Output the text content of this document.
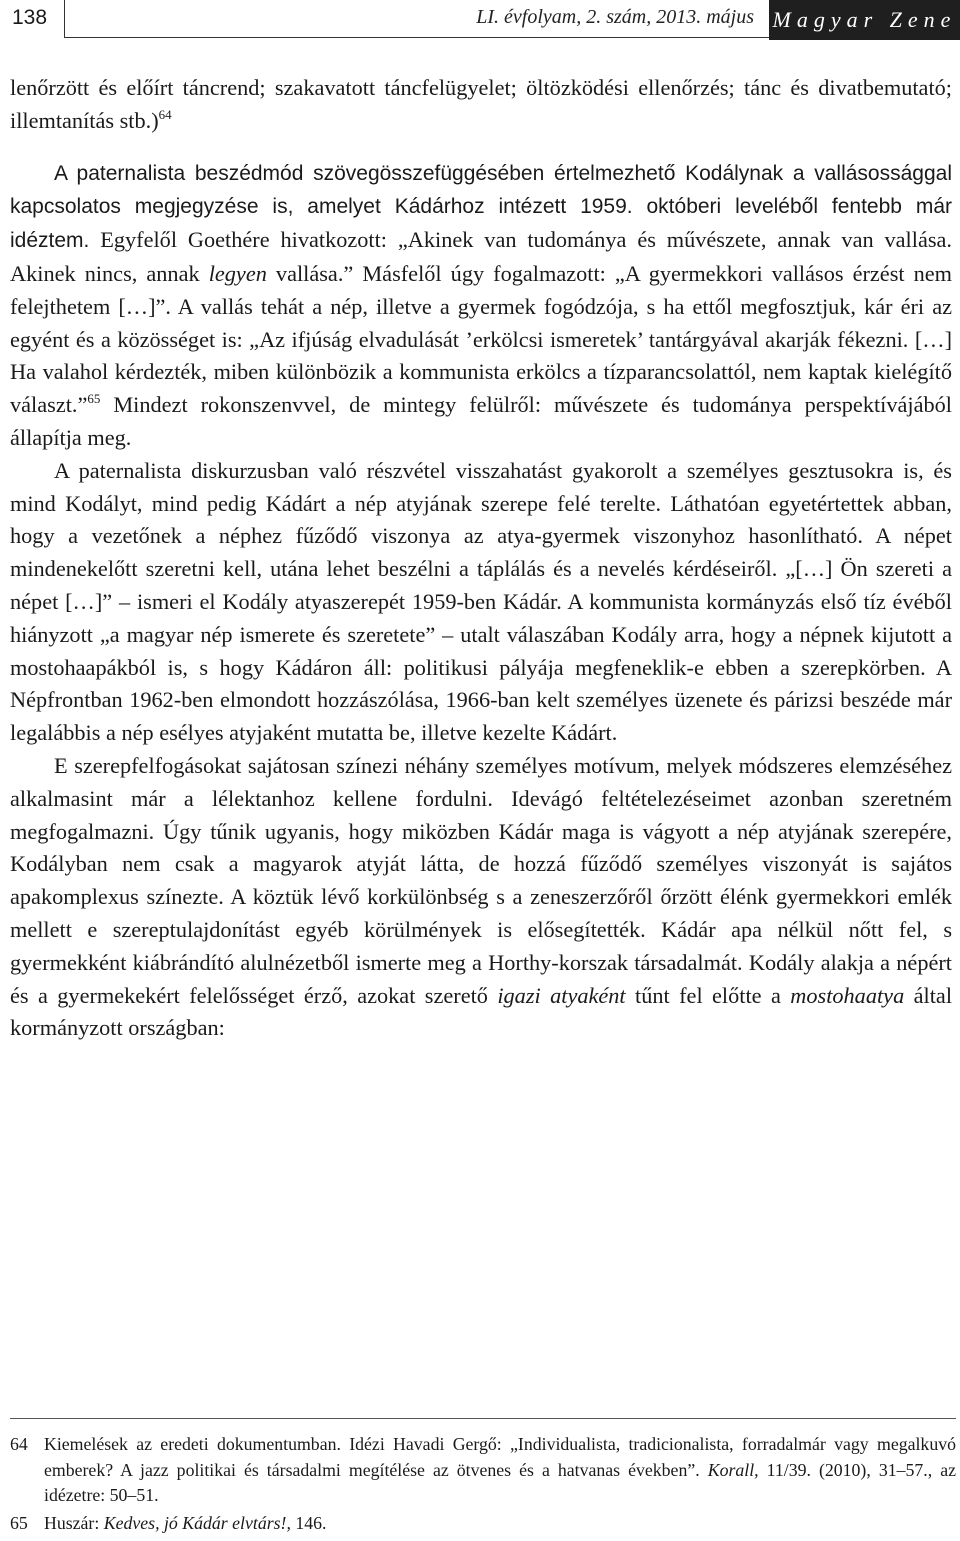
138	LI. évfolyam, 2. szám, 2013. május Magyar Zene

lenőrzött és előírt táncrend; szakavatott táncfelügyelet; öltözködési ellenőrzés; tánc és divatbemutató; illemtanítás stb.)$^{64}$

A paternalista beszédmód szövegösszefüggésében értelmezhető Kodálynak a vallásossággal kapcsolatos megjegyzése is, amelyet Kádárhoz intézett 1959. októberi leveléből fentebb már idéztem. Egyfelől Goethére hivatkozott: „Akinek van tudománya és művészete, annak van vallása. Akinek nincs, annak legyen vallása.” Másfelől úgy fogalmazott: „A gyermekkori vallásos érzést nem felejthetem […]”. A vallás tehát a nép, illetve a gyermek fogódzója, s ha ettől megfosztjuk, kár éri az egyént és a közösséget is: „Az ifjúság elvadulását ’erkölcsi ismeretek’ tantárgyával akarják fékezni. […] Ha valahol kérdezték, miben különbözik a kommunista erkölcs a tízparancsolattól, nem kaptak kielégítő választ.”$^{65}$ Mindezt rokonszenvvel, de mintegy felülről: művészete és tudománya perspektívájából állapítja meg.

A paternalista diskurzusban való részvétel visszahatást gyakorolt a személyes gesztusokra is, és mind Kodályt, mind pedig Kádárt a nép atyjának szerepe felé terelte. Láthatóan egyetértettek abban, hogy a vezetőnek a néphez fűződő viszonya az atya-gyermek viszonyhoz hasonlítható. A népet mindenekelőtt szeretni kell, utána lehet beszélni a táplálás és a nevelés kérdéseiről. „[…] Ön szereti a népet […]” – ismeri el Kodály atyaszerepét 1959-ben Kádár. A kommunista kormányzás első tíz évéből hiányzott „a magyar nép ismerete és szeretete” – utalt válaszában Kodály arra, hogy a népnek kijutott a mostohaapákból is, s hogy Kádáron áll: politikusi pályája megfeneklik-e ebben a szerepkörben. A Népfrontban 1962-ben elmondott hozzászólása, 1966-ban kelt személyes üzenete és párizsi beszéde már legalábbis a nép esélyes atyjaként mutatta be, illetve kezelte Kádárt.

E szerepfelfogásokat sajátosan színezi néhány személyes motívum, melyek módszeres elemzéséhez alkalmasint már a lélektanhoz kellene fordulni. Idevágó feltételezéseimet azonban szeretném megfogalmazni. Úgy tűnik ugyanis, hogy miközben Kádár maga is vágyott a nép atyjának szerepére, Kodályban nem csak a magyarok atyját látta, de hozzá fűződő személyes viszonyát is sajátos apakomplexus színezte. A köztük lévő korkülönbség s a zeneszerzőről őrzött élénk gyermekkori emlék mellett e szereptulajdonítást egyéb körülmények is elősegítették. Kádár apa nélkül nőtt fel, s gyermekként kiábrándító alulnézetből ismerte meg a Horthy-korszak társadalmát. Kodály alakja a népért és a gyermekekért felelősséget érző, azokat szerető igazi atyaként tűnt fel előtte a mostohaatya által kormányzott országban:

64 Kiemelések az eredeti dokumentumban. Idézi Havadi Gergő: „Individualista, tradicionalista, forradalmár vagy megalkuvó emberek? A jazz politikai és társadalmi megítélése az ötvenes és a hatvanas években”. Korall, 11/39. (2010), 31–57., az idézetre: 50–51.
65 Huszár: Kedves, jó Kádár elvtárs!, 146.
